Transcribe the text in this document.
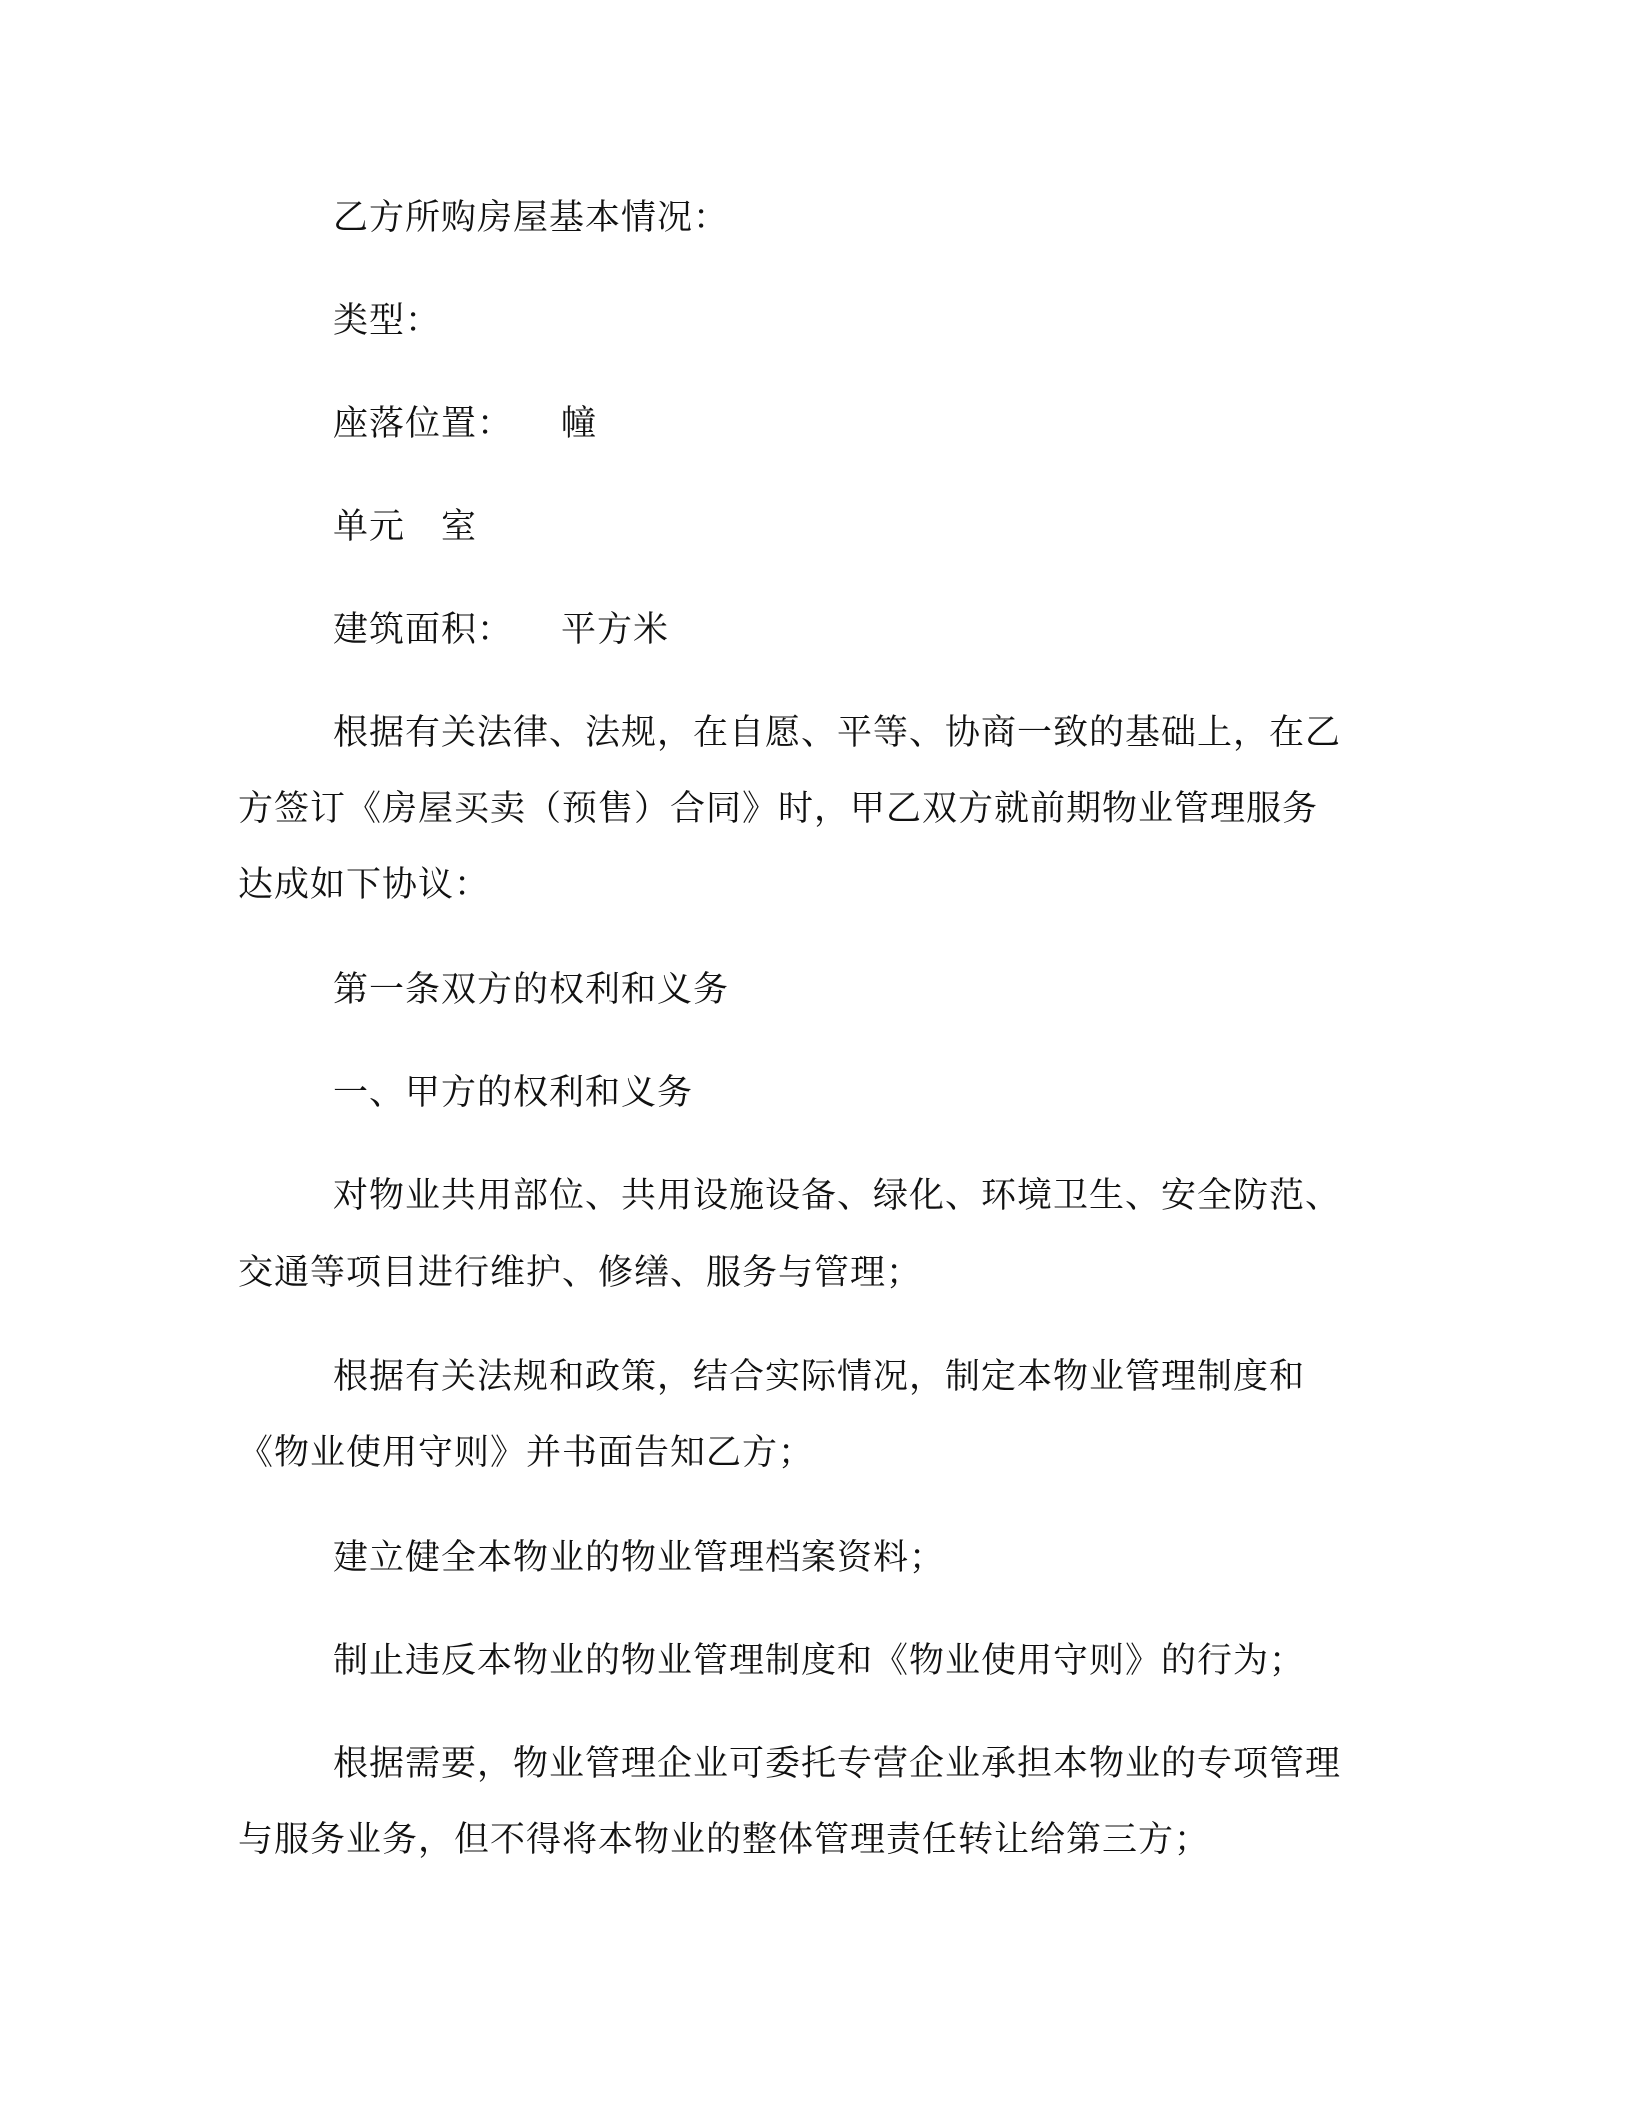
乙方所购房屋基本情况：
类型：
座落位置： 幢
单元 室
建筑面积： 平方米
根据有关法律、法规，在自愿、平等、协商一致的基础上，在乙
方签订《房屋买卖（预售）合同》时，甲乙双方就前期物业管理服务
达成如下协议：
第一条双方的权利和义务
一、甲方的权利和义务
对物业共用部位、共用设施设备、绿化、环境卫生、安全防范、
交通等项目进行维护、修缮、服务与管理；
根据有关法规和政策，结合实际情况，制定本物业管理制度和
《物业使用守则》并书面告知乙方；
建立健全本物业的物业管理档案资料；
制止违反本物业的物业管理制度和《物业使用守则》的行为；
根据需要，物业管理企业可委托专营企业承担本物业的专项管理
与服务业务，但不得将本物业的整体管理责任转让给第三方；
